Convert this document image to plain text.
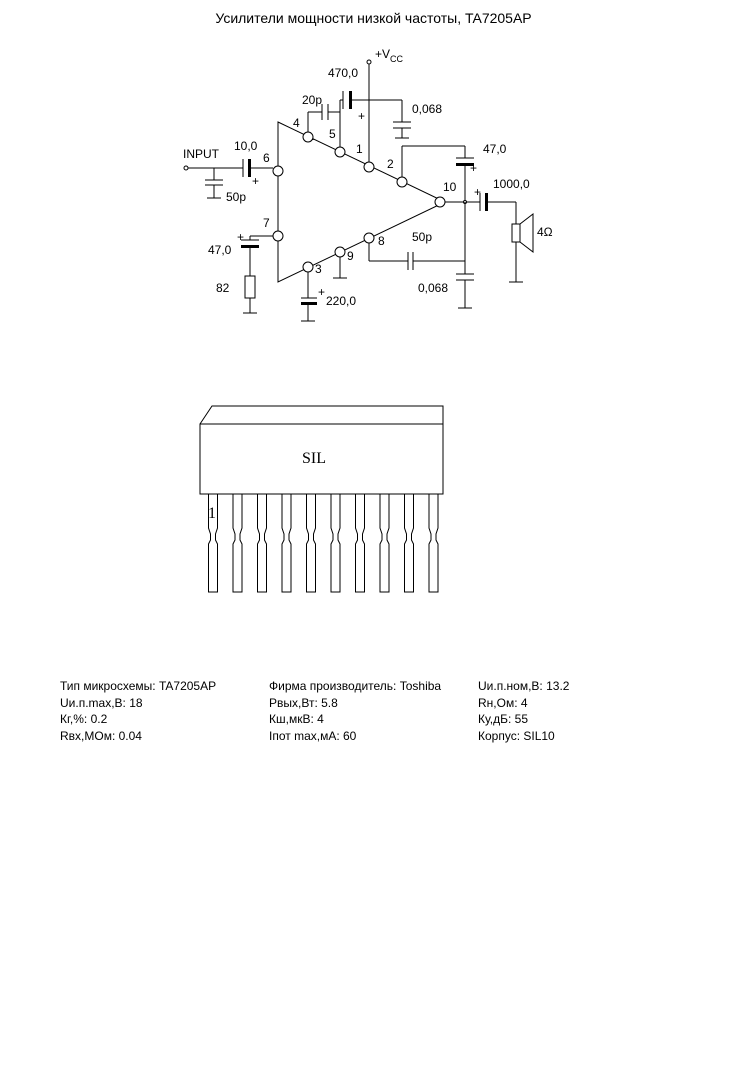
Усилители мощности низкой частоты, TA7205AP
$+V_{CC}$
470,0
+
20p
0,068
+
47,0
4
5
1
2
10
6
7
3
9
8
INPUT
+
10,0
50p
+
47,0
82	+
220,0
50p
0,068
+
1000,0
4Ω
SIL
1
Тип микросхемы: TA7205AP
Uи.п.max,В: 18
Кг,%: 0.2
Rвх,МОм: 0.04
Фирма производитель: Toshiba
Pвых,Вт: 5.8
Кш,мкВ: 4
Iпот max,мА: 60
Uи.п.ном,В: 13.2
Rн,Ом: 4
Ку,дБ: 55
Корпус: SIL10
